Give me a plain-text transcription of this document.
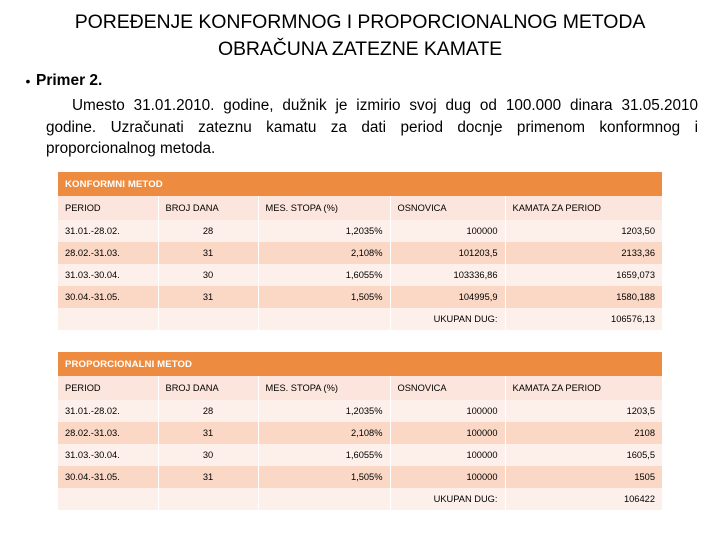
POREĐENJE KONFORMNOG I PROPORCIONALNOG METODA
OBRAČUNA ZATEZNE KAMATE
• Primer 2.

Umesto 31.01.2010. godine, dužnik je izmirio svoj dug od 100.000 dinara 31.05.2010 godine. Uzračunati zateznu kamatu za dati period docnje primenom konformnog i proporcionalnog metoda.

KONFORMNI METOD				
PERIOD	BROJ DANA	MES. STOPA (%)	OSNOVICA	KAMATA ZA PERIOD
31.01.-28.02.	28	1,2035%	100000	1203,50
28.02.-31.03.	31	2,108%	101203,5	2133,36
31.03.-30.04.	30	1,6055%	103336,86	1659,073
30.04.-31.05.	31	1,505%	104995,9	1580,188
			UKUPAN DUG:	106576,13
PROPORCIONALNI METOD				
PERIOD	BROJ DANA	MES. STOPA (%)	OSNOVICA	KAMATA ZA PERIOD
31.01.-28.02.	28	1,2035%	100000	1203,5
28.02.-31.03.	31	2,108%	100000	2108
31.03.-30.04.	30	1,6055%	100000	1605,5
30.04.-31.05.	31	1,505%	100000	1505
			UKUPAN DUG:	106422
